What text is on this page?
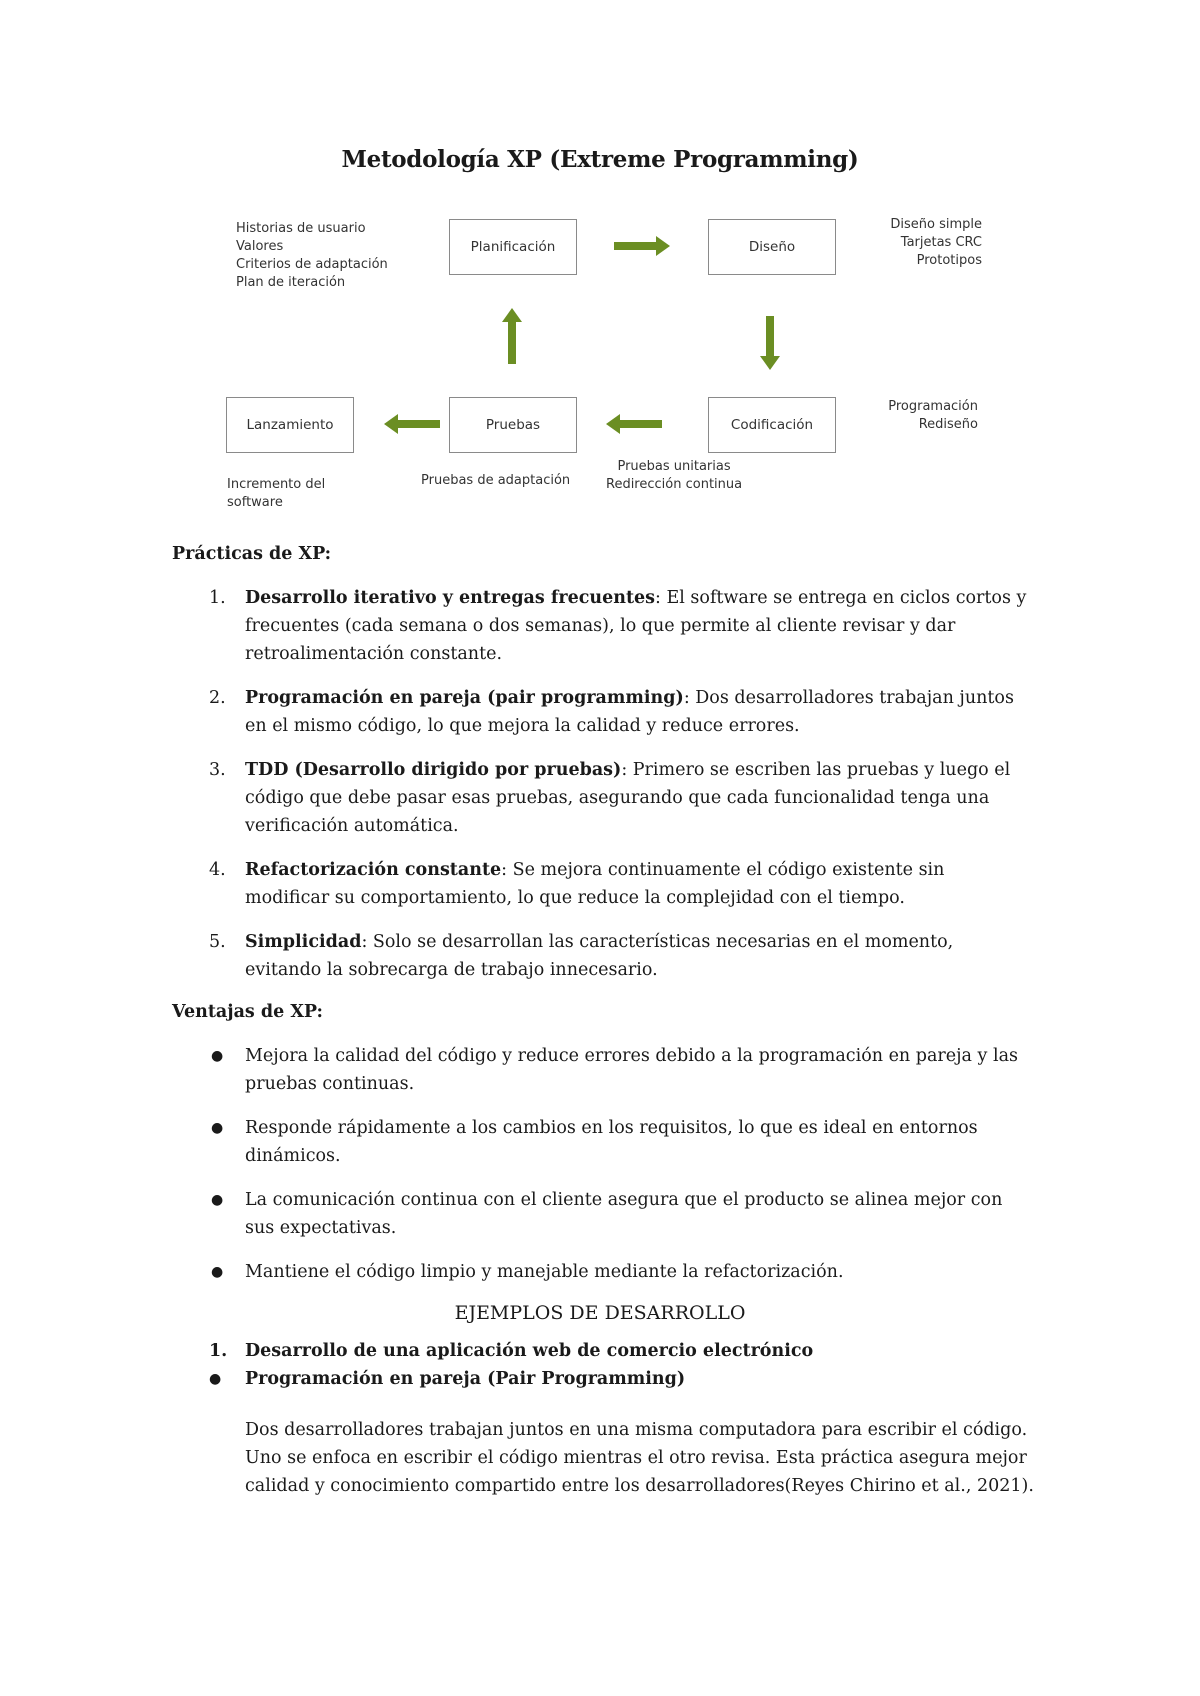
Metodología XP (Extreme Programming)
Historias de usuario
Valores
Criterios de adaptación
Plan de iteración
Diseño simple
Tarjetas CRC
Prototipos
Programación
Rediseño
Pruebas unitarias
Redirección continua
Pruebas de adaptación
Incremento del
software
Planificación	Diseño
Codificación
Pruebas
Lanzamiento
Prácticas de XP:
1. Desarrollo iterativo y entregas frecuentes: El software se entrega en ciclos cortos y frecuentes (cada semana o dos semanas), lo que permite al cliente revisar y dar retroalimentación constante.
2. Programación en pareja (pair programming): Dos desarrolladores trabajan juntos en el mismo código, lo que mejora la calidad y reduce errores.
3. TDD (Desarrollo dirigido por pruebas): Primero se escriben las pruebas y luego el código que debe pasar esas pruebas, asegurando que cada funcionalidad tenga una verificación automática.
4. Refactorización constante: Se mejora continuamente el código existente sin modificar su comportamiento, lo que reduce la complejidad con el tiempo.
5. Simplicidad: Solo se desarrollan las características necesarias en el momento, evitando la sobrecarga de trabajo innecesario.
Ventajas de XP:
● Mejora la calidad del código y reduce errores debido a la programación en pareja y las pruebas continuas.
● Responde rápidamente a los cambios en los requisitos, lo que es ideal en entornos dinámicos.
● La comunicación continua con el cliente asegura que el producto se alinea mejor con sus expectativas.
● Mantiene el código limpio y manejable mediante la refactorización.
EJEMPLOS DE DESARROLLO
1. Desarrollo de una aplicación web de comercio electrónico
● Programación en pareja (Pair Programming)
Dos desarrolladores trabajan juntos en una misma computadora para escribir el código. Uno se enfoca en escribir el código mientras el otro revisa. Esta práctica asegura mejor calidad y conocimiento compartido entre los desarrolladores(Reyes Chirino et al., 2021).
